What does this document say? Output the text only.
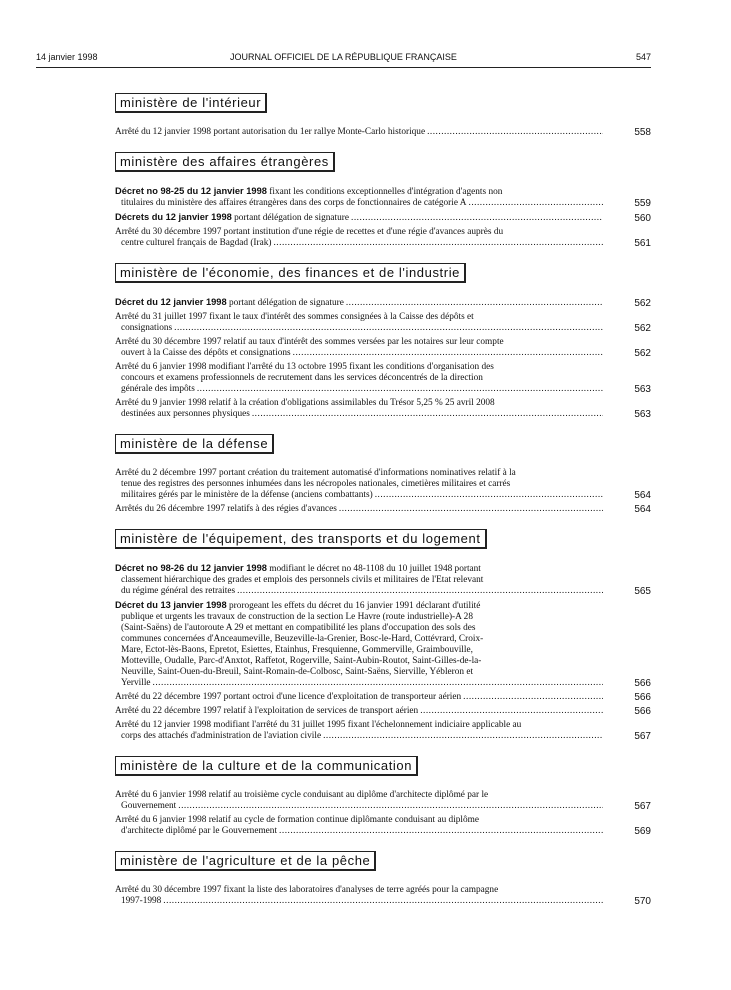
14 janvier 1998	JOURNAL OFFICIEL DE LA RÉPUBLIQUE FRANÇAISE	547
ministère de l'intérieur
Arrêté du 12 janvier 1998 portant autorisation du 1er rallye Monte-Carlo historique .....	558
ministère des affaires étrangères
Décret no 98-25 du 12 janvier 1998 fixant les conditions exceptionnelles d'intégration d'agents non
titulaires du ministère des affaires étrangères dans des corps de fonctionnaires de catégorie A .....	559
Décrets du 12 janvier 1998 portant délégation de signature .....	560
Arrêté du 30 décembre 1997 portant institution d'une régie de recettes et d'une régie d'avances auprès du
centre culturel français de Bagdad (Irak) .....	561
ministère de l'économie, des finances et de l'industrie
Décret du 12 janvier 1998 portant délégation de signature .....	562
Arrêté du 31 juillet 1997 fixant le taux d'intérêt des sommes consignées à la Caisse des dépôts et
consignations .....	562
Arrêté du 30 décembre 1997 relatif au taux d'intérêt des sommes versées par les notaires sur leur compte
ouvert à la Caisse des dépôts et consignations .....	562
Arrêté du 6 janvier 1998 modifiant l'arrêté du 13 octobre 1995 fixant les conditions d'organisation des
concours et examens professionnels de recrutement dans les services déconcentrés de la direction
générale des impôts .....	563
Arrêté du 9 janvier 1998 relatif à la création d'obligations assimilables du Trésor 5,25 % 25 avril 2008
destinées aux personnes physiques .....	563
ministère de la défense
Arrêté du 2 décembre 1997 portant création du traitement automatisé d'informations nominatives relatif à la
tenue des registres des personnes inhumées dans les nécropoles nationales, cimetières militaires et carrés
militaires gérés par le ministère de la défense (anciens combattants) .....	564
Arrêtés du 26 décembre 1997 relatifs à des régies d'avances .....	564
ministère de l'équipement, des transports et du logement
Décret no 98-26 du 12 janvier 1998 modifiant le décret no 48-1108 du 10 juillet 1948 portant
classement hiérarchique des grades et emplois des personnels civils et militaires de l'Etat relevant
du régime général des retraites .....	565
Décret du 13 janvier 1998 prorogeant les effets du décret du 16 janvier 1991 déclarant d'utilité
publique et urgents les travaux de construction de la section Le Havre (route industrielle)-A 28
(Saint-Saëns) de l'autoroute A 29 et mettant en compatibilité les plans d'occupation des sols des
communes concernées d'Anceaumeville, Beuzeville-la-Grenier, Bosc-le-Hard, Cottévrard, Croix-
Mare, Ectot-lès-Baons, Epretot, Esiettes, Etainhus, Fresquienne, Gommerville, Graimbouville,
Motteville, Oudalle, Parc-d'Anxtot, Raffetot, Rogerville, Saint-Aubin-Routot, Saint-Gilles-de-la-
Neuville, Saint-Ouen-du-Breuil, Saint-Romain-de-Colbosc, Saint-Saëns, Sierville, Yébleron et
Yerville .....	566
Arrêté du 22 décembre 1997 portant octroi d'une licence d'exploitation de transporteur aérien .....	566
Arrêté du 22 décembre 1997 relatif à l'exploitation de services de transport aérien .....	566
Arrêté du 12 janvier 1998 modifiant l'arrêté du 31 juillet 1995 fixant l'échelonnement indiciaire applicable au
corps des attachés d'administration de l'aviation civile .....	567
ministère de la culture et de la communication
Arrêté du 6 janvier 1998 relatif au troisième cycle conduisant au diplôme d'architecte diplômé par le
Gouvernement .....	567
Arrêté du 6 janvier 1998 relatif au cycle de formation continue diplômante conduisant au diplôme
d'architecte diplômé par le Gouvernement .....	569
ministère de l'agriculture et de la pêche
Arrêté du 30 décembre 1997 fixant la liste des laboratoires d'analyses de terre agréés pour la campagne
1997-1998 .....	570
